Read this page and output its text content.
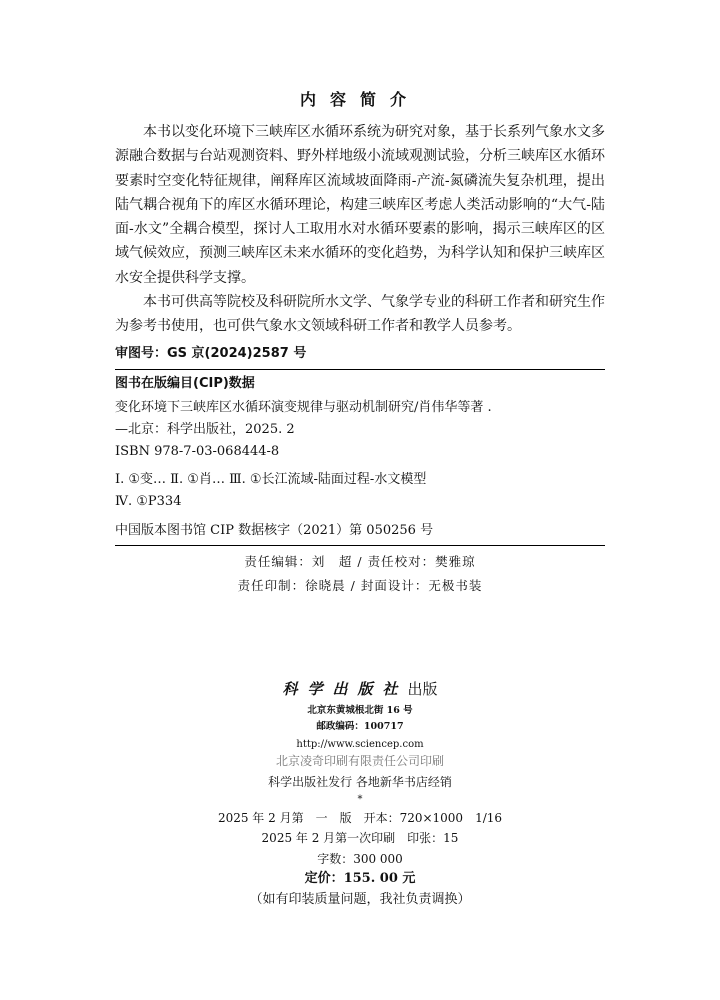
内容简介

本书以变化环境下三峡库区水循环系统为研究对象，基于长系列气象水文多源融合数据与台站观测资料、野外样地级小流域观测试验，分析三峡库区水循环要素时空变化特征规律，阐释库区流域坡面降雨-产流-氮磷流失复杂机理，提出陆气耦合视角下的库区水循环理论，构建三峡库区考虑人类活动影响的“大气-陆面-水文”全耦合模型，探讨人工取用水对水循环要素的影响，揭示三峡库区的区域气候效应，预测三峡库区未来水循环的变化趋势，为科学认知和保护三峡库区水安全提供科学支撑。

本书可供高等院校及科研院所水文学、气象学专业的科研工作者和研究生作为参考书使用，也可供气象水文领域科研工作者和教学人员参考。

审图号：GS 京(2024)2587 号
图书在版编目(CIP)数据
变化环境下三峡库区水循环演变规律与驱动机制研究/肖伟华等著 .
—北京：科学出版社，2025. 2
ISBN 978-7-03-068444-8
Ⅰ. ①变… Ⅱ. ①肖… Ⅲ. ①长江流域-陆面过程-水文模型
Ⅳ. ①P334
中国版本图书馆 CIP 数据核字（2021）第 050256 号
责任编辑：刘　超 / 责任校对：樊雅琼
责任印制：徐晓晨 / 封面设计：无极书装
科学出版社出版
北京东黄城根北街 16 号
邮政编码：100717
http://www.sciencep.com
北京凌奇印刷有限责任公司印刷
科学出版社发行 各地新华书店经销
*
2025 年 2 月第　一　版　开本：720×1000　1/16
2025 年 2 月第一次印刷　印张：15
字数：300 000
定价：155. 00 元
（如有印装质量问题，我社负责调换）
